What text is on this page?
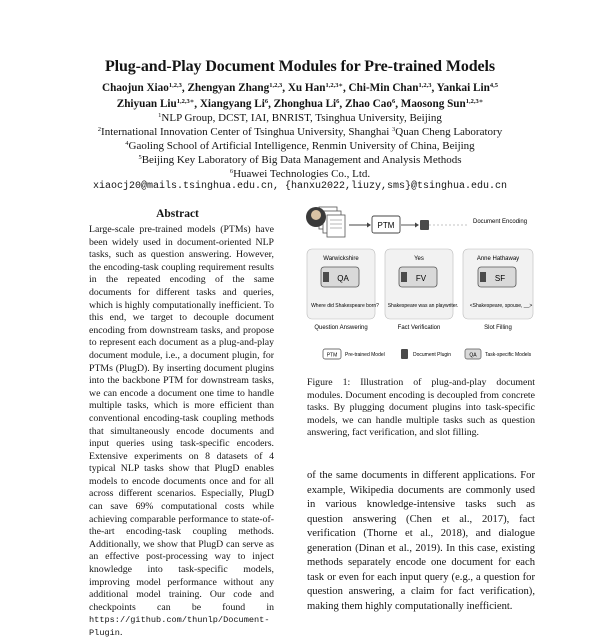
Plug-and-Play Document Modules for Pre-trained Models
Chaojun Xiao$^{1,2,3}$, Zhengyan Zhang$^{1,2,3}$, Xu Han$^{1,2,3∗}$, Chi-Min Chan$^{1,2,3}$, Yankai Lin$^{4,5}$
Zhiyuan Liu$^{1,2,3∗}$, Xiangyang Li$^6$, Zhonghua Li$^6$, Zhao Cao$^6$, Maosong Sun$^{1,2,3∗}$
$^1$NLP Group, DCST, IAI, BNRIST, Tsinghua University, Beijing
$^2$International Innovation Center of Tsinghua University, Shanghai $^3$Quan Cheng Laboratory
$^4$Gaoling School of Artificial Intelligence, Renmin University of China, Beijing
$^5$Beijing Key Laboratory of Big Data Management and Analysis Methods
$^6$Huawei Technologies Co., Ltd.
xiaocj20@mails.tsinghua.edu.cn, {hanxu2022,liuzy,sms}@tsinghua.edu.cn
Abstract
Large-scale pre-trained models (PTMs) have been widely used in document-oriented NLP tasks, such as question answering. However, the encoding-task coupling requirement results in the repeated encoding of the same documents for different tasks and queries, which is highly computationally inefficient. To this end, we target to decouple document encoding from downstream tasks, and propose to represent each document as a plug-and-play document module, i.e., a document plugin, for PTMs (PlugD). By inserting document plugins into the backbone PTM for downstream tasks, we can encode a document one time to handle multiple tasks, which is more efficient than conventional encoding-task coupling methods that simultaneously encode documents and input queries using task-specific encoders. Extensive experiments on 8 datasets of 4 typical NLP tasks show that PlugD enables models to encode documents once and for all across different scenarios. Especially, PlugD can save 69% computational costs while achieving comparable performance to state-of-the-art encoding-task coupling methods. Additionally, we show that PlugD can serve as an effective post-processing way to inject knowledge into task-specific models, improving model performance without any additional model training. Our code and checkpoints can be found in https://github.com/thunlp/Document-Plugin.
PTM	Document Encoding
Warwickshire
QA
Where did Shakespeare born?
Yes
FV
Shakespeare was an playwriter.
Anne Hathaway
SF
<Shakespeare, spouse, __>
Question Answering	Fact Verification	Slot Filling
PTM Pre-trained Model	Document Plugin	QA Task-specific Models
Figure 1: Illustration of plug-and-play document modules. Document encoding is decoupled from concrete tasks. By plugging document plugins into task-specific models, we can handle multiple tasks such as question answering, fact verification, and slot filling.
of the same documents in different applications. For example, Wikipedia documents are commonly used in various knowledge-intensive tasks such as question answering (Chen et al., 2017), fact verification (Thorne et al., 2018), and dialogue generation (Dinan et al., 2019). In this case, existing methods separately encode one document for each task or even for each input query (e.g., a question for question answering, a claim for fact verification), making them highly computationally inefficient.
